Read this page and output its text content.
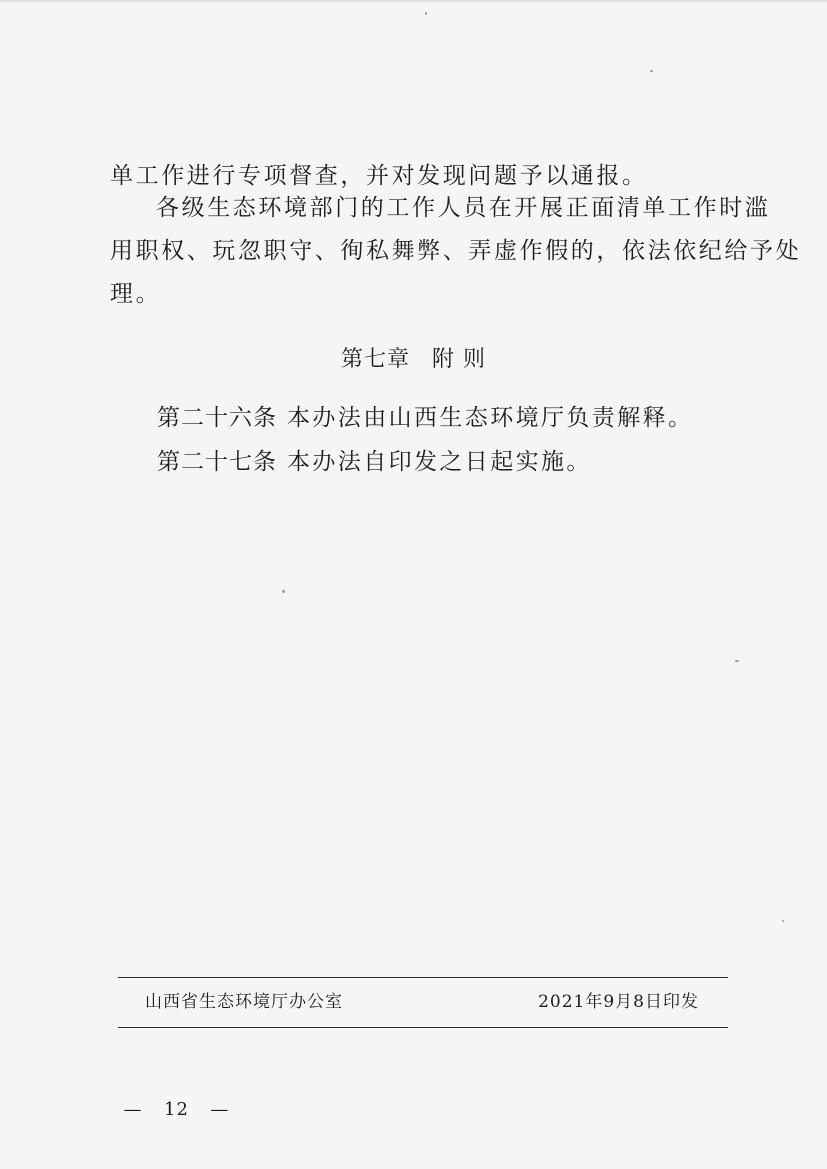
单工作进行专项督查，并对发现问题予以通报。

各级生态环境部门的工作人员在开展正面清单工作时滥
用职权、玩忽职守、徇私舞弊、弄虚作假的，依法依纪给予处
理。
第七章 附 则
第二十六条 本办法由山西生态环境厅负责解释。
第二十七条 本办法自印发之日起实施。
山西省生态环境厅办公室	2021年9月8日印发
— 12 —
